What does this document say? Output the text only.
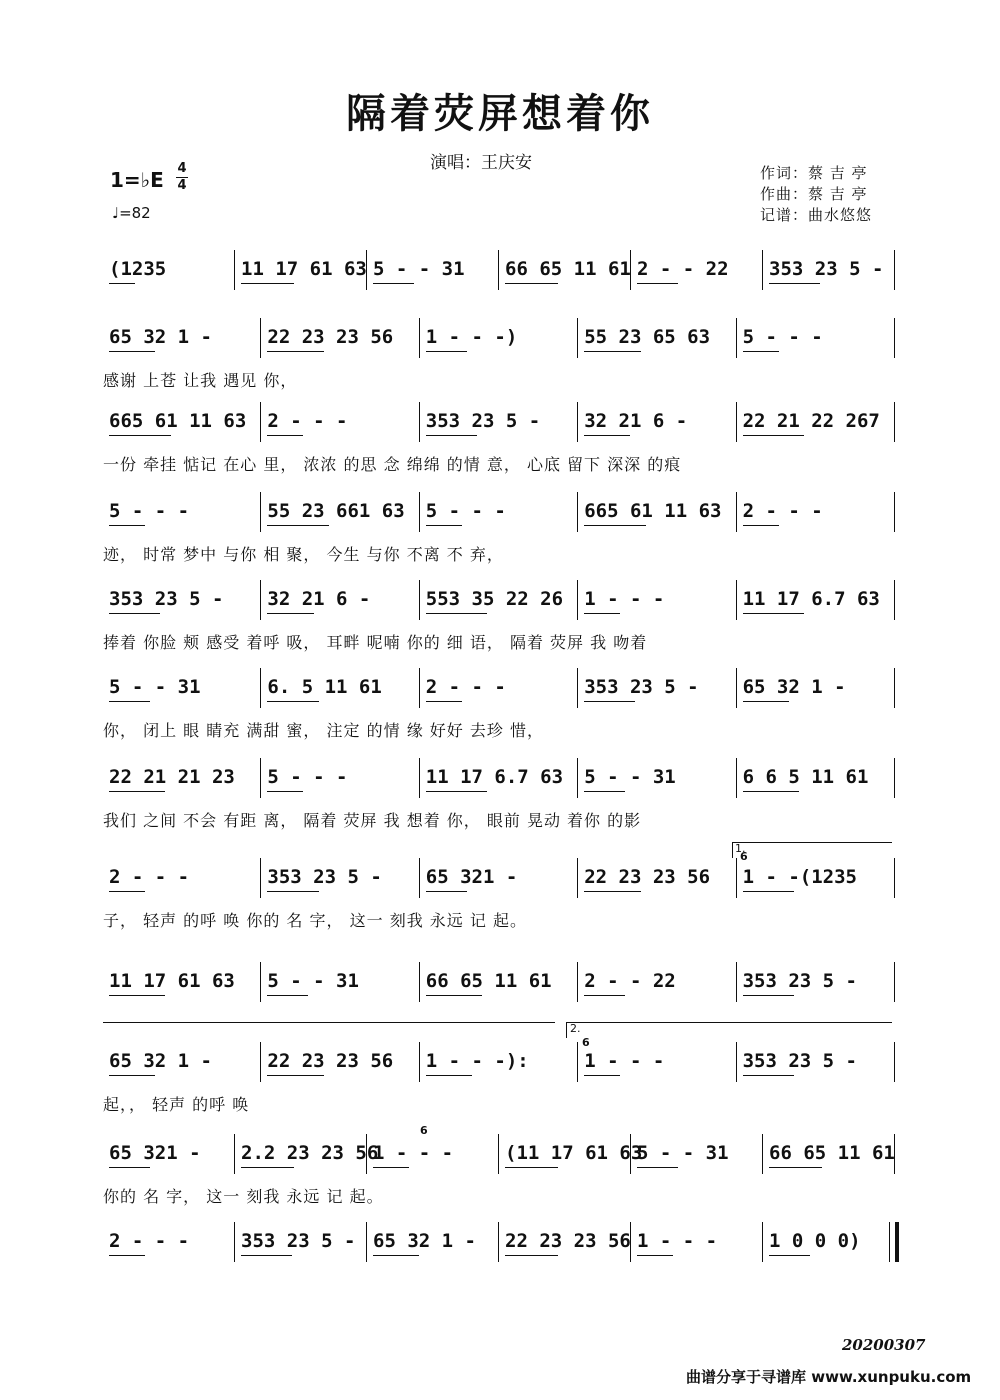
隔着荧屏想着你
演唱：王庆安	作词：蔡 吉 亭
作曲：蔡 吉 亭
记谱：曲水悠悠
1=♭E 4
4
♩=82
(1235	11 17 61 63 5 - - 31	66 65 11 61 2 - - 22	353 23 5 -
65 32 1 -	22 23 23 56	1 - - -)	55 23 65 63	5 - - -
感谢 上苍 让我 遇见 你，
665 61 11 63	2 - - -	353 23 5 -	32 21 6 -	22 21 22 267
一份 牵挂 惦记 在心 里， 浓浓 的思 念 绵绵 的情 意， 心底 留下 深深 的痕
5 - - -	55 23 661 63	5 - - -	665 61 11 63	2 - - -
迹， 时常 梦中 与你 相 聚， 今生 与你 不离 不 弃，
353 23 5 -	32 21 6 -	553 35 22 26	1 - - -	11 17 6.7 63
捧着 你脸 颊 感受 着呼 吸， 耳畔 呢喃 你的 细 语， 隔着 荧屏 我 吻着
5 - - 31	6. 5 11 61	2 - - -	353 23 5 -	65 32 1 -
你， 闭上 眼 睛充 满甜 蜜， 注定 的情 缘 好好 去珍 惜，
22 21 21 23	5 - - -	11 17 6.7 63	5 - - 31	6 6 5 11 61
我们 之间 不会 有距 离， 隔着 荧屏 我 想着 你， 眼前 晃动 着你 的影
2 - - -	353 23 5 -	65 321 -	22 23 23 56	1 - -(1235
子， 轻声 的呼 唤 你的 名 字， 这一 刻我 永远 记 起。
11 17 61 63	5 - - 31	66 65 11 61	2 - - 22	353 23 5 -
65 32 1 -	22 23 23 56	1 - - -):	1 - - -	353 23 5 -
起，， 轻声 的呼 唤
65 321 -	2.2 23 23 56
1 - - -	(11 17 61 63
5 - - 31	66 65 11 61
你的 名 字， 这一 刻我 永远 记 起。
2 - - -	353 23 5 - 65 32 1 -	22 23 23 56 1 - - -	1 0 0 0)
1.
2.
6
6
6
20200307
曲谱分享于寻谱库 www.xunpuku.com
